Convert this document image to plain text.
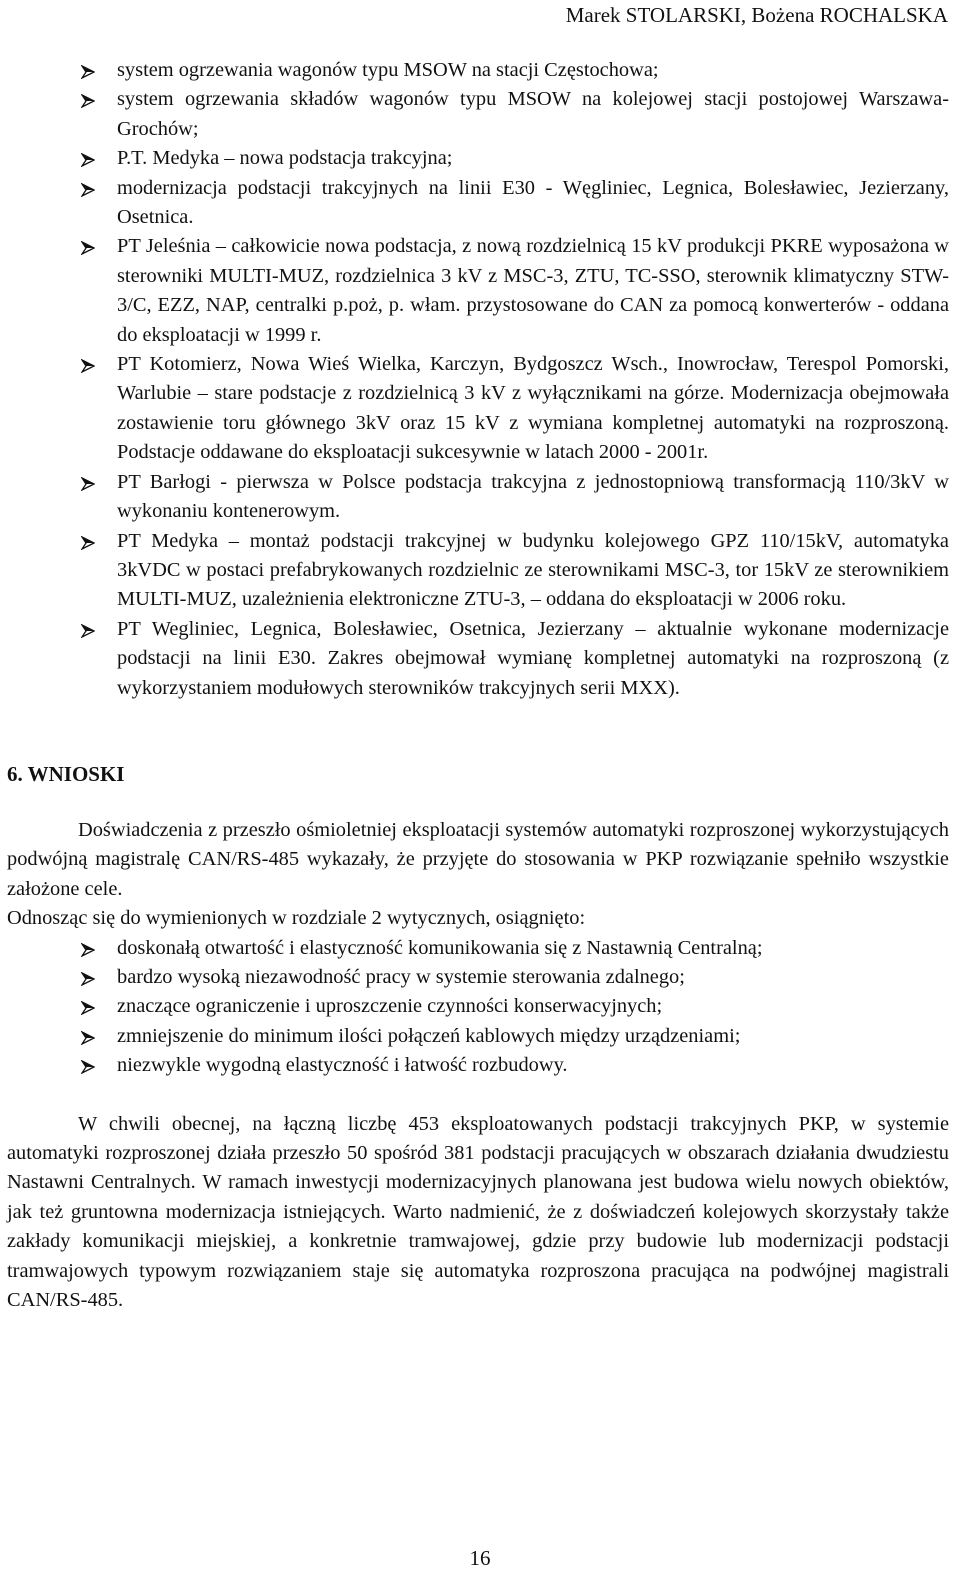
Marek STOLARSKI, Bożena ROCHALSKA
system ogrzewania wagonów typu MSOW na stacji Częstochowa;
system ogrzewania składów wagonów typu MSOW na kolejowej stacji postojowej Warszawa-Grochów;
P.T. Medyka – nowa podstacja trakcyjna;
modernizacja podstacji trakcyjnych na linii E30 - Węgliniec, Legnica, Bolesławiec, Jezierzany, Osetnica.
PT Jeleśnia – całkowicie nowa podstacja, z nową rozdzielnicą 15 kV produkcji PKRE wyposażona w sterowniki MULTI-MUZ, rozdzielnica 3 kV z MSC-3, ZTU, TC-SSO, sterownik klimatyczny STW-3/C, EZZ, NAP, centralki p.poż, p. włam. przystosowane do CAN za pomocą konwerterów - oddana do eksploatacji w 1999 r.
PT Kotomierz, Nowa Wieś Wielka, Karczyn, Bydgoszcz Wsch., Inowrocław, Terespol Pomorski, Warlubie – stare podstacje z rozdzielnicą 3 kV z wyłącznikami na górze. Modernizacja obejmowała zostawienie toru głównego 3kV oraz 15 kV z wymiana kompletnej automatyki na rozproszoną. Podstacje oddawane do eksploatacji sukcesywnie w latach 2000 - 2001r.
PT Barłogi - pierwsza w Polsce podstacja trakcyjna z jednostopniową transformacją 110/3kV w wykonaniu kontenerowym.
PT Medyka – montaż podstacji trakcyjnej w budynku kolejowego GPZ 110/15kV, automatyka 3kVDC w postaci prefabrykowanych rozdzielnic ze sterownikami MSC-3, tor 15kV ze sterownikiem MULTI-MUZ, uzależnienia elektroniczne ZTU-3, – oddana do eksploatacji w 2006 roku.
PT Wegliniec, Legnica, Bolesławiec, Osetnica, Jezierzany – aktualnie wykonane modernizacje podstacji na linii E30. Zakres obejmował wymianę kompletnej automatyki na rozproszoną (z wykorzystaniem modułowych sterowników trakcyjnych serii MXX).
6. WNIOSKI

Doświadczenia z przeszło ośmioletniej eksploatacji systemów automatyki rozproszonej wykorzystujących podwójną magistralę CAN/RS-485 wykazały, że przyjęte do stosowania w PKP rozwiązanie spełniło wszystkie założone cele.

Odnosząc się do wymienionych w rozdziale 2 wytycznych, osiągnięto:

doskonałą otwartość i elastyczność komunikowania się z Nastawnią Centralną;
bardzo wysoką niezawodność pracy w systemie sterowania zdalnego;
znaczące ograniczenie i uproszczenie czynności konserwacyjnych;
zmniejszenie do minimum ilości połączeń kablowych między urządzeniami;
niezwykle wygodną elastyczność i łatwość rozbudowy.

W chwili obecnej, na łączną liczbę 453 eksploatowanych podstacji trakcyjnych PKP, w systemie automatyki rozproszonej działa przeszło 50 spośród 381 podstacji pracujących w obszarach działania dwudziestu Nastawni Centralnych. W ramach inwestycji modernizacyjnych planowana jest budowa wielu nowych obiektów, jak też gruntowna modernizacja istniejących. Warto nadmienić, że z doświadczeń kolejowych skorzystały także zakłady komunikacji miejskiej, a konkretnie tramwajowej, gdzie przy budowie lub modernizacji podstacji tramwajowych typowym rozwiązaniem staje się automatyka rozproszona pracująca na podwójnej magistrali CAN/RS-485.

16
